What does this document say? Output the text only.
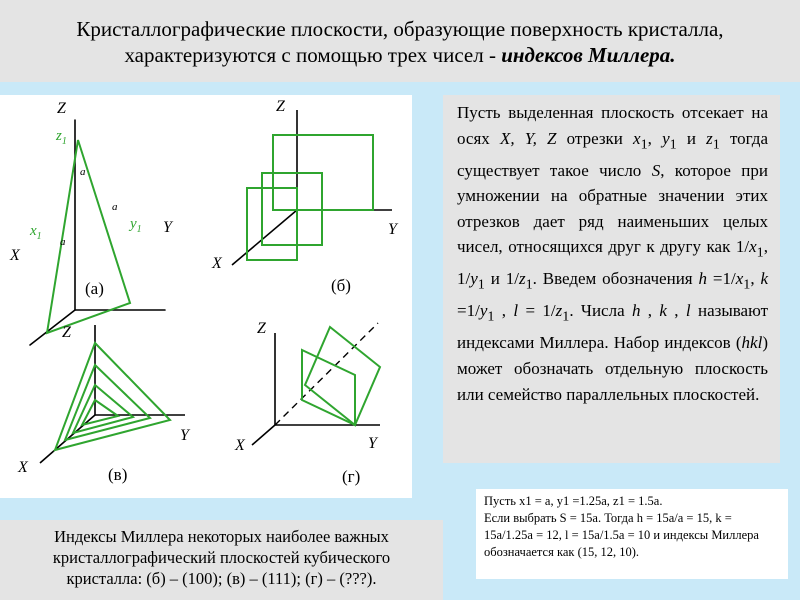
Кристаллографические плоскости, образующие поверхность кристалла,
характеризуются с помощью трех чисел - индексов Миллера.
Z
Y
X
$z_1$
$y_1$
$x_1$
a
a
a
(а)
Z
Y
X
(б)
Z
Y
X	(в)
Z
Y
X
(г)
Пусть выделенная плоскость отсекает на осях X, Y, Z отрезки $x_1$, $y_1$ и $z_1$ тогда существует такое число S, которое при умножении на обратные значении этих отрезков дает ряд наименьших целых чисел, относящихся друг к другу как $1/x_1$, $1/y_1$ и $1/z_1$. Введем обозначения $h =1/x_1$, $k =1/y_1$ , $l = 1/z_1$. Числа h , k , l называют индексами Миллера. Набор индексов (hkl) может обозначать отдельную плоскость или семейство параллельных плоскостей.
Пусть x1 = a, y1 =1.25a, z1 = 1.5a.
Если выбрать S = 15a. Тогда h = 15a/a = 15, k = 15a/1.25a = 12, l = 15a/1.5a = 10 и индексы Миллера обозначается как (15, 12, 10).
Индексы Миллера некоторых наиболее важных
кристаллографический плоскостей кубического
кристалла: (б) – (100); (в) – (111); (г) – (???).
